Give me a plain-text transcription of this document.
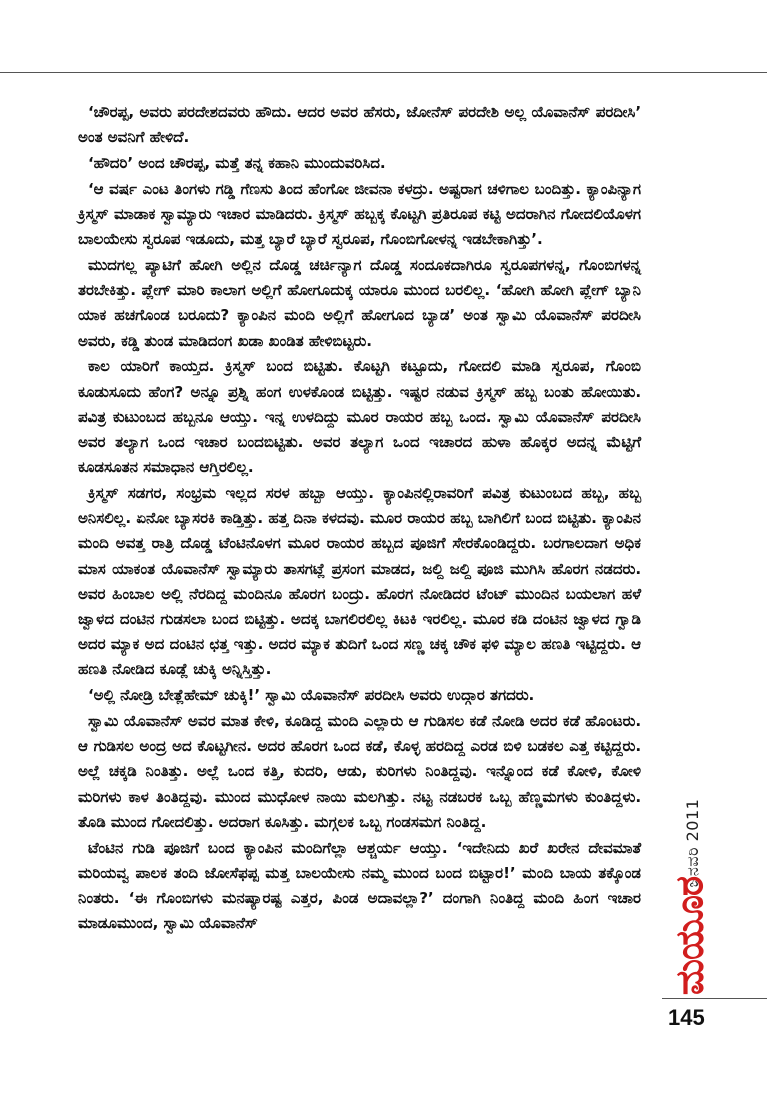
‘ಚೌರಪ್ಪ, ಅವರು ಪರದೇಶದವರು ಹೌದು. ಆದರ ಅವರ ಹೆಸರು, ಜೋನೆಸ್ ಪರದೇಶಿ ಅಲ್ಲ ಯೊವಾನೆಸ್ ಪರದೀಸಿ’ ಅಂತ ಅವನಿಗೆ ಹೇಳಿದೆ.

‘ಹೌದರಿ’ ಅಂದ ಚೌರಪ್ಪ, ಮತ್ತೆ ತನ್ನ ಕಹಾನಿ ಮುಂದುವರಿಸಿದ.

‘ಆ ವರ್ಷ ಎಂಟ ತಿಂಗಳು ಗಡ್ಡಿ ಗೆಣಸು ತಿಂದ ಹೆಂಗೋ ಜೀವನಾ ಕಳದ್ರು. ಅಷ್ಟರಾಗ ಚಳಿಗಾಲ ಬಂದಿತ್ತು. ಕ್ಯಾಂಪಿನ್ಯಾಗ ಕ್ರಿಸ್ಮಸ್ ಮಾಡಾಕ ಸ್ವಾಮ್ಯಾರು ಇಚಾರ ಮಾಡಿದರು. ಕ್ರಿಸ್ಮಸ್ ಹಬ್ಬಕ್ಕ ಕೊಟ್ಟಗಿ ಪ್ರತಿರೂಪ ಕಟ್ಟಿ ಅದರಾಗಿನ ಗೋದಲಿಯೊಳಗ ಬಾಲಯೇಸು ಸ್ವರೂಪ ಇಡೂದು, ಮತ್ತ ಬ್ಯಾರೆ ಬ್ಯಾರೆ ಸ್ವರೂಪ, ಗೊಂಬಿಗೋಳನ್ನ ಇಡಬೇಕಾಗಿತ್ತು’.

ಮುದಗಲ್ಲ ಪ್ಯಾಟಿಗೆ ಹೋಗಿ ಅಲ್ಲಿನ ದೊಡ್ಡ ಚರ್ಚಿನ್ಯಾಗ ದೊಡ್ಡ ಸಂದೂಕದಾಗಿರೂ ಸ್ವರೂಪಗಳನ್ನ, ಗೊಂಬಿಗಳನ್ನ ತರಬೇಕಿತ್ತು. ಪ್ಲೇಗ್ ಮಾರಿ ಕಾಲಾಗ ಅಲ್ಲಿಗೆ ಹೋಗೂದುಕ್ಕ ಯಾರೂ ಮುಂದ ಬರಲಿಲ್ಲ. ‘ಹೋಗಿ ಹೋಗಿ ಪ್ಲೇಗ್ ಬ್ಯಾನಿ ಯಾಕ ಹಚಗೊಂಡ ಬರೂದು? ಕ್ಯಾಂಪಿನ ಮಂದಿ ಅಲ್ಲಿಗೆ ಹೋಗೂದ ಬ್ಯಾಡ’ ಅಂತ ಸ್ವಾಮಿ ಯೊವಾನೆಸ್ ಪರದೀಸಿ ಅವರು, ಕಡ್ಡಿ ತುಂಡ ಮಾಡಿದಂಗ ಖಡಾ ಖಂಡಿತ ಹೇಳಿಬಿಟ್ಟರು.

ಕಾಲ ಯಾರಿಗೆ ಕಾಯ್ತದ. ಕ್ರಿಸ್ಮಸ್ ಬಂದ ಬಿಟ್ಟಿತು. ಕೊಟ್ಟಗಿ ಕಟ್ಟೂದು, ಗೋದಲಿ ಮಾಡಿ ಸ್ವರೂಪ, ಗೊಂಬಿ ಕೂಡುಸೂದು ಹೆಂಗ? ಅನ್ನೂ ಪ್ರಶ್ನಿ ಹಂಗ ಉಳಕೊಂಡ ಬಿಟ್ಟಿತ್ತು. ಇಷ್ಟರ ನಡುವ ಕ್ರಿಸ್ಮಸ್ ಹಬ್ಬ ಬಂತು ಹೋಯಿತು. ಪವಿತ್ರ ಕುಟುಂಬದ ಹಬ್ಬನೂ ಆಯ್ತು. ಇನ್ನ ಉಳದಿದ್ದು ಮೂರ ರಾಯರ ಹಬ್ಬ ಒಂದ. ಸ್ವಾಮಿ ಯೊವಾನೆಸ್ ಪರದೀಸಿ ಅವರ ತಲ್ಯಾಗ ಒಂದ ಇಚಾರ ಬಂದಬಿಟ್ಟಿತು. ಅವರ ತಲ್ಯಾಗ ಒಂದ ಇಚಾರದ ಹುಳಾ ಹೊಕ್ಕರ ಅದನ್ನ ಮೆಟ್ಟಿಗೆ ಕೂಡಸೂತನ ಸಮಾಧಾನ ಆಗ್ತಿರಲಿಲ್ಲ.

ಕ್ರಿಸ್ಮಸ್ ಸಡಗರ, ಸಂಭ್ರಮ ಇಲ್ಲದ ಸರಳ ಹಬ್ಬಾ ಆಯ್ತು. ಕ್ಯಾಂಪಿನಲ್ಲಿರಾವರಿಗೆ ಪವಿತ್ರ ಕುಟುಂಬದ ಹಬ್ಬ, ಹಬ್ಬ ಅನಿಸಲಿಲ್ಲ. ಏನೋ ಬ್ಯಾಸರಕಿ ಕಾಡ್ತಿತ್ತು. ಹತ್ತ ದಿನಾ ಕಳದವು. ಮೂರ ರಾಯರ ಹಬ್ಬ ಬಾಗಿಲಿಗೆ ಬಂದ ಬಿಟ್ಟಿತು. ಕ್ಯಾಂಪಿನ ಮಂದಿ ಅವತ್ತ ರಾತ್ರಿ ದೊಡ್ಡ ಟೆಂಟಿನೊಳಗ ಮೂರ ರಾಯರ ಹಬ್ಬದ ಪೂಜಿಗೆ ಸೇರಕೊಂಡಿದ್ದರು. ಬರಗಾಲದಾಗ ಅಧಿಕ ಮಾಸ ಯಾಕಂತ ಯೊವಾನೆಸ್ ಸ್ವಾಮ್ಯಾರು ತಾಸಗಟ್ಲೆ ಪ್ರಸಂಗ ಮಾಡದ, ಜಲ್ದಿ ಜಲ್ದಿ ಪೂಜಿ ಮುಗಿಸಿ ಹೊರಗ ನಡದರು. ಅವರ ಹಿಂಬಾಲ ಅಲ್ಲಿ ನೆರದಿದ್ದ ಮಂದಿನೂ ಹೊರಗ ಬಂದ್ರು. ಹೊರಗ ನೋಡಿದರ ಟೆಂಟ್ ಮುಂದಿನ ಬಯಲಾಗ ಹಳೆ ಜ್ವಾಳದ ದಂಟಿನ ಗುಡಸಲಾ ಬಂದ ಬಿಟ್ಟಿತ್ತು. ಅದಕ್ಕ ಬಾಗಲಿರಲಿಲ್ಲ ಕಿಟಕಿ ಇರಲಿಲ್ಲ. ಮೂರ ಕಡಿ ದಂಟಿನ ಜ್ವಾಳದ ಗ್ವಾಡಿ ಅದರ ಮ್ಯಾಕ ಅದ ದಂಟಿನ ಛತ್ತ ಇತ್ತು. ಅದರ ಮ್ಯಾಕ ತುದಿಗೆ ಒಂದ ಸಣ್ಣ ಚಕ್ಕ ಚೌಕ ಫಳಿ ಮ್ಯಾಲ ಹಣತಿ ಇಟ್ಟಿದ್ದರು. ಆ ಹಣತಿ ನೋಡಿದ ಕೂಡ್ಲೆ ಚುಕ್ಕಿ ಅನ್ನಿಸ್ತಿತ್ತು.

‘ಅಲ್ಲಿ ನೋಡ್ರಿ ಬೇತ್ಲೆಹೇಮ್ ಚುಕ್ಕಿ!’ ಸ್ವಾಮಿ ಯೊವಾನೆಸ್ ಪರದೀಸಿ ಅವರು ಉದ್ಗಾರ ತಗದರು.

ಸ್ವಾಮಿ ಯೊವಾನೆಸ್ ಅವರ ಮಾತ ಕೇಳಿ, ಕೂಡಿದ್ದ ಮಂದಿ ಎಲ್ಲಾರು ಆ ಗುಡಿಸಲ ಕಡೆ ನೋಡಿ ಅದರ ಕಡೆ ಹೊಂಟರು. ಆ ಗುಡಿಸಲ ಅಂದ್ರ ಅದ ಕೊಟ್ಟಗೀನ. ಅದರ ಹೊರಗ ಒಂದ ಕಡೆ, ಕೊಳ್ಳ ಹರದಿದ್ದ ಎರಡ ಬಿಳಿ ಬಡಕಲ ಎತ್ತ ಕಟ್ಟಿದ್ದರು. ಅಲ್ಲೆ ಚಕ್ಕಡಿ ನಿಂತಿತ್ತು. ಅಲ್ಲೆ ಒಂದ ಕತ್ತಿ, ಕುದರಿ, ಆಡು, ಕುರಿಗಳು ನಿಂತಿದ್ದವು. ಇನ್ನೊಂದ ಕಡೆ ಕೋಳಿ, ಕೋಳಿ ಮರಿಗಳು ಕಾಳ ತಿಂತಿದ್ದವು. ಮುಂದ ಮುಧೋಳ ನಾಯಿ ಮಲಗಿತ್ತು. ನಟ್ಟ ನಡಬರಕ ಒಬ್ಬ ಹೆಣ್ಣಮಗಳು ಕುಂತಿದ್ದಳು. ತೊಡಿ ಮುಂದ ಗೋದಲಿತ್ತು. ಅದರಾಗ ಕೂಸಿತ್ತು. ಮಗ್ಗಲಕ ಒಬ್ಬ ಗಂಡಸಮಗ ನಿಂತಿದ್ದ.

ಟೆಂಟಿನ ಗುಡಿ ಪೂಜಿಗೆ ಬಂದ ಕ್ಯಾಂಪಿನ ಮಂದಿಗೆಲ್ಲಾ ಆಶ್ಚರ್ಯ ಆಯ್ತು. ‘ಇದೇನಿದು ಖರೆ ಖರೇನ ದೇವಮಾತೆ ಮರಿಯವ್ವ ಪಾಲಕ ತಂದಿ ಜೋಸೆಫಪ್ಪ ಮತ್ತ ಬಾಲಯೇಸು ನಮ್ಮ ಮುಂದ ಬಂದ ಬಿಟ್ಟಾರ!’ ಮಂದಿ ಬಾಯ ತಕ್ಕೊಂಡ ನಿಂತರು. ‘ಈ ಗೊಂಬಿಗಳು ಮನಷ್ಯಾರಷ್ಟ ಎತ್ತರ, ಪಿಂಡ ಅದಾವಲ್ಲಾ?’ ದಂಗಾಗಿ ನಿಂತಿದ್ದ ಮಂದಿ ಹಿಂಗ ಇಚಾರ ಮಾಡೂಮುಂದ, ಸ್ವಾಮಿ ಯೊವಾನೆಸ್

ಜನವರಿ 2011
ಮಯೂರ
145
